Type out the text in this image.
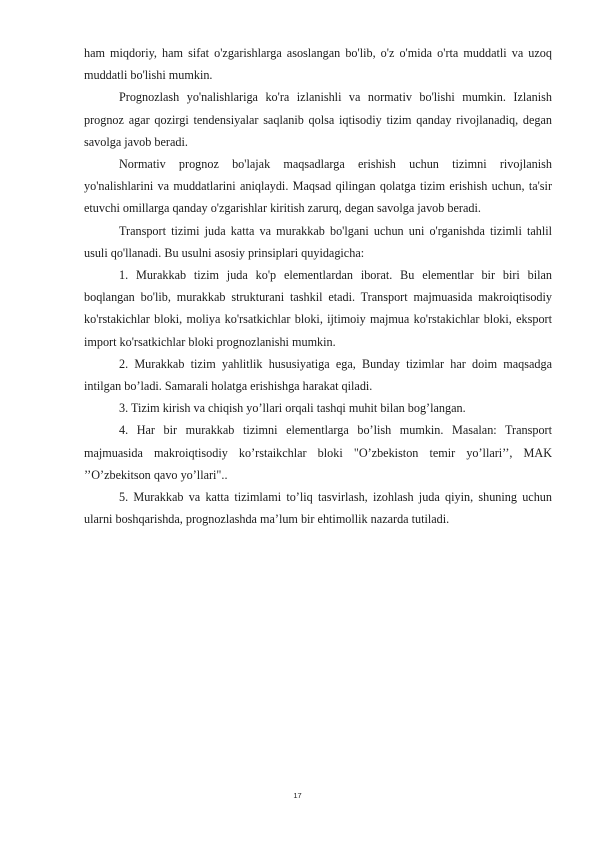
ham miqdoriy, ham sifat o'zgarishlarga asoslangan bo'lib, o'z o'mida o'rta muddatli va uzoq muddatli bo'lishi mumkin.

Prognozlash yo'nalishlariga ko'ra izlanishli va normativ bo'lishi mumkin. Izlanish prognoz agar qozirgi tendensiyalar saqlanib qolsa iqtisodiy tizim qanday rivojlanadiq, degan savolga javob beradi.

Normativ prognoz bo'lajak maqsadlarga erishish uchun tizimni rivojlanish yo'nalishlarini va muddatlarini aniqlaydi. Maqsad qilingan qolatga tizim erishish uchun, ta'sir etuvchi omillarga qanday o'zgarishlar kiritish zarurq, degan savolga javob beradi.

Transport tizimi juda katta va murakkab bo'lgani uchun uni o'rganishda tizimli tahlil usuli qo'llanadi. Bu usulni asosiy prinsiplari quyidagicha:

1. Murakkab tizim juda ko'p elementlardan iborat. Bu elementlar bir biri bilan boqlangan bo'lib, murakkab strukturani tashkil etadi. Transport majmuasida makroiqtisodiy ko'rstakichlar bloki, moliya ko'rsatkichlar bloki, ijtimoiy majmua ko'rstakichlar bloki, eksport import ko'rsatkichlar bloki prognozlanishi mumkin.

2. Murakkab tizim yahlitlik hususiyatiga ega, Bunday tizimlar har doim maqsadga intilgan bo’ladi. Samarali holatga erishishga harakat qiladi.

3. Tizim kirish va chiqish yo’llari orqali tashqi muhit bilan bog’langan.

4. Har bir murakkab tizimni elementlarga bo’lish mumkin. Masalan: Transport majmuasida makroiqtisodiy ko’rstaikchlar bloki "O’zbekiston temir yo’llari’’, MAK ’’O’zbekitson qavo yo’llari"..

5. Murakkab va katta tizimlami to’liq tasvirlash, izohlash juda qiyin, shuning uchun ularni boshqarishda, prognozlashda ma’lum bir ehtimollik nazarda tutiladi.

17
